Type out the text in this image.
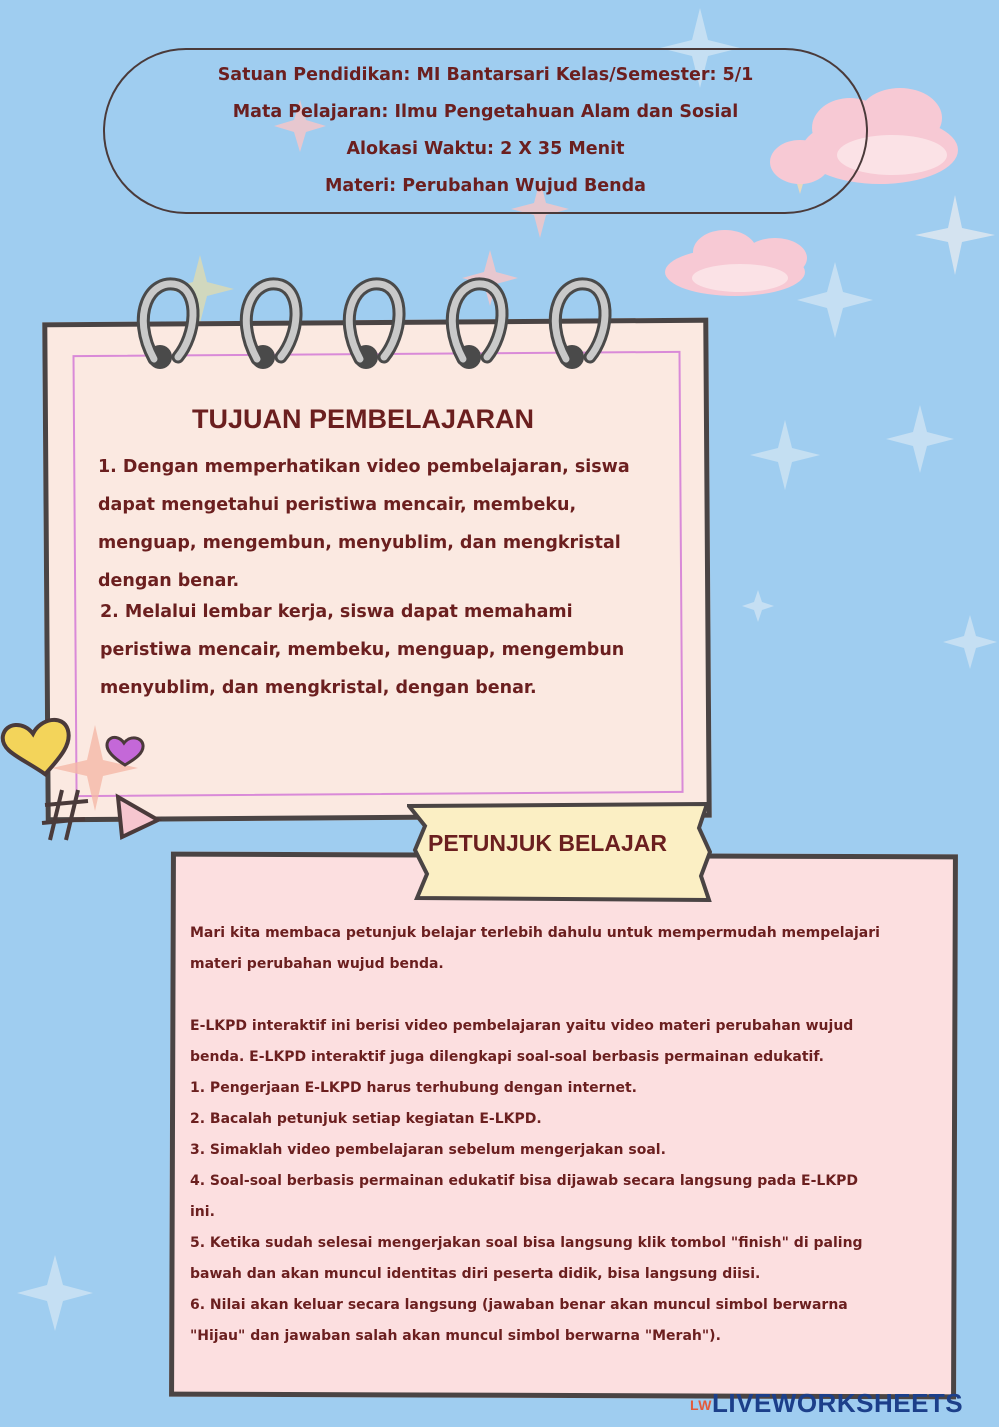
Satuan Pendidikan: MI Bantarsari Kelas/Semester: 5/1
Mata Pelajaran: Ilmu Pengetahuan Alam dan Sosial
Alokasi Waktu: 2 X 35 Menit
Materi: Perubahan Wujud Benda
TUJUAN PEMBELAJARAN

1. Dengan memperhatikan video pembelajaran, siswa

dapat mengetahui peristiwa mencair, membeku,

menguap, mengembun, menyublim, dan mengkristal

dengan benar.

2. Melalui lembar kerja, siswa dapat memahami

peristiwa mencair, membeku, menguap, mengembun

menyublim, dan mengkristal, dengan benar.

PETUNJUK BELAJAR

Mari kita membaca petunjuk belajar terlebih dahulu untuk mempermudah mempelajari

materi perubahan wujud benda.

E-LKPD interaktif ini berisi video pembelajaran yaitu video materi perubahan wujud

benda. E-LKPD interaktif juga dilengkapi soal-soal berbasis permainan edukatif.

1. Pengerjaan E-LKPD harus terhubung dengan internet.

2. Bacalah petunjuk setiap kegiatan E-LKPD.

3. Simaklah video pembelajaran sebelum mengerjakan soal.

4. Soal-soal berbasis permainan edukatif bisa dijawab secara langsung pada E-LKPD

ini.

5. Ketika sudah selesai mengerjakan soal bisa langsung klik tombol "finish" di paling

bawah dan akan muncul identitas diri peserta didik, bisa langsung diisi.

6. Nilai akan keluar secara langsung (jawaban benar akan muncul simbol berwarna

"Hijau" dan jawaban salah akan muncul simbol berwarna "Merah").

LWLIVEWORKSHEETS
